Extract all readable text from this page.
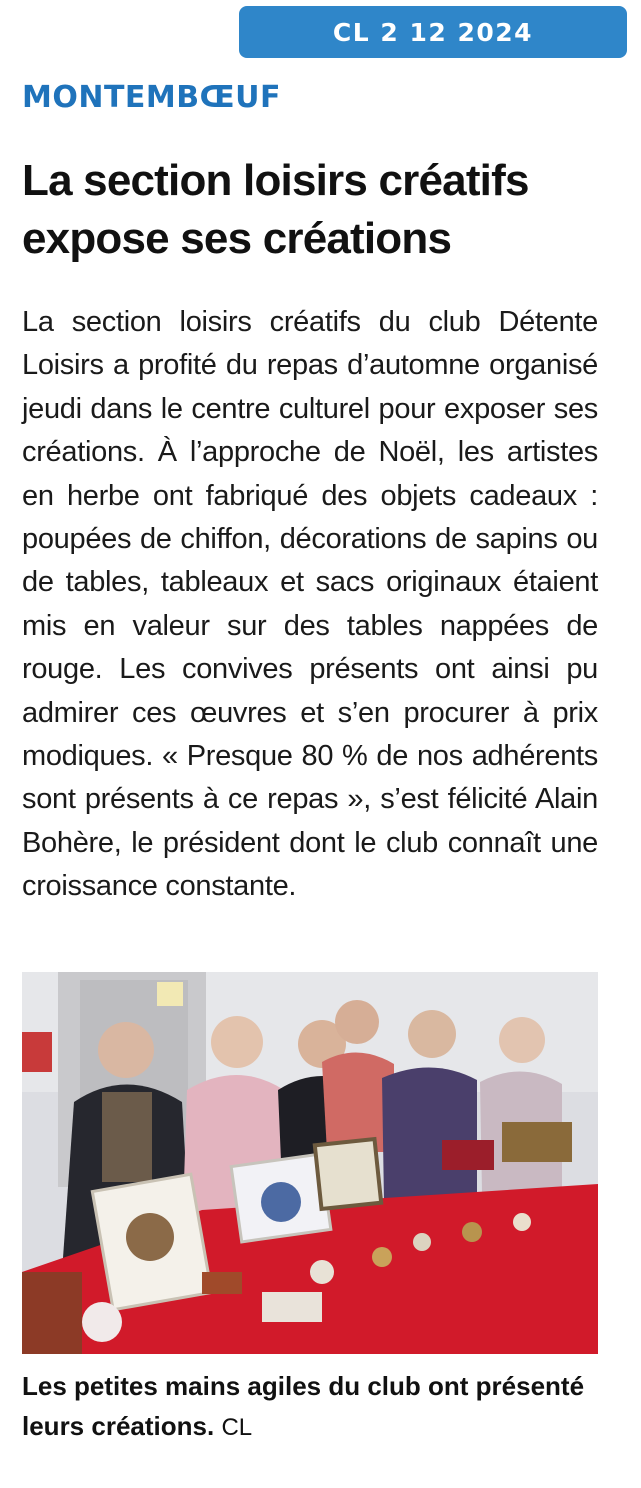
CL 2 12 2024
MONTEMBŒUF
La section loisirs créatifs
expose ses créations

La section loisirs créatifs du club Détente Loisirs a profité du repas d’automne organisé jeudi dans le centre culturel pour exposer ses créations. À l’approche de Noël, les artistes en herbe ont fabriqué des objets cadeaux : poupées de chiffon, décorations de sapins ou de tables, tableaux et sacs originaux étaient mis en valeur sur des tables nappées de rouge. Les convives présents ont ainsi pu admirer ces œuvres et s’en procurer à prix modiques. « Presque 80 % de nos adhérents sont présents à ce repas », s’est félicité Alain Bohère, le président dont le club connaît une croissance constante.

Les petites mains agiles du club ont présenté leurs créations. CL
